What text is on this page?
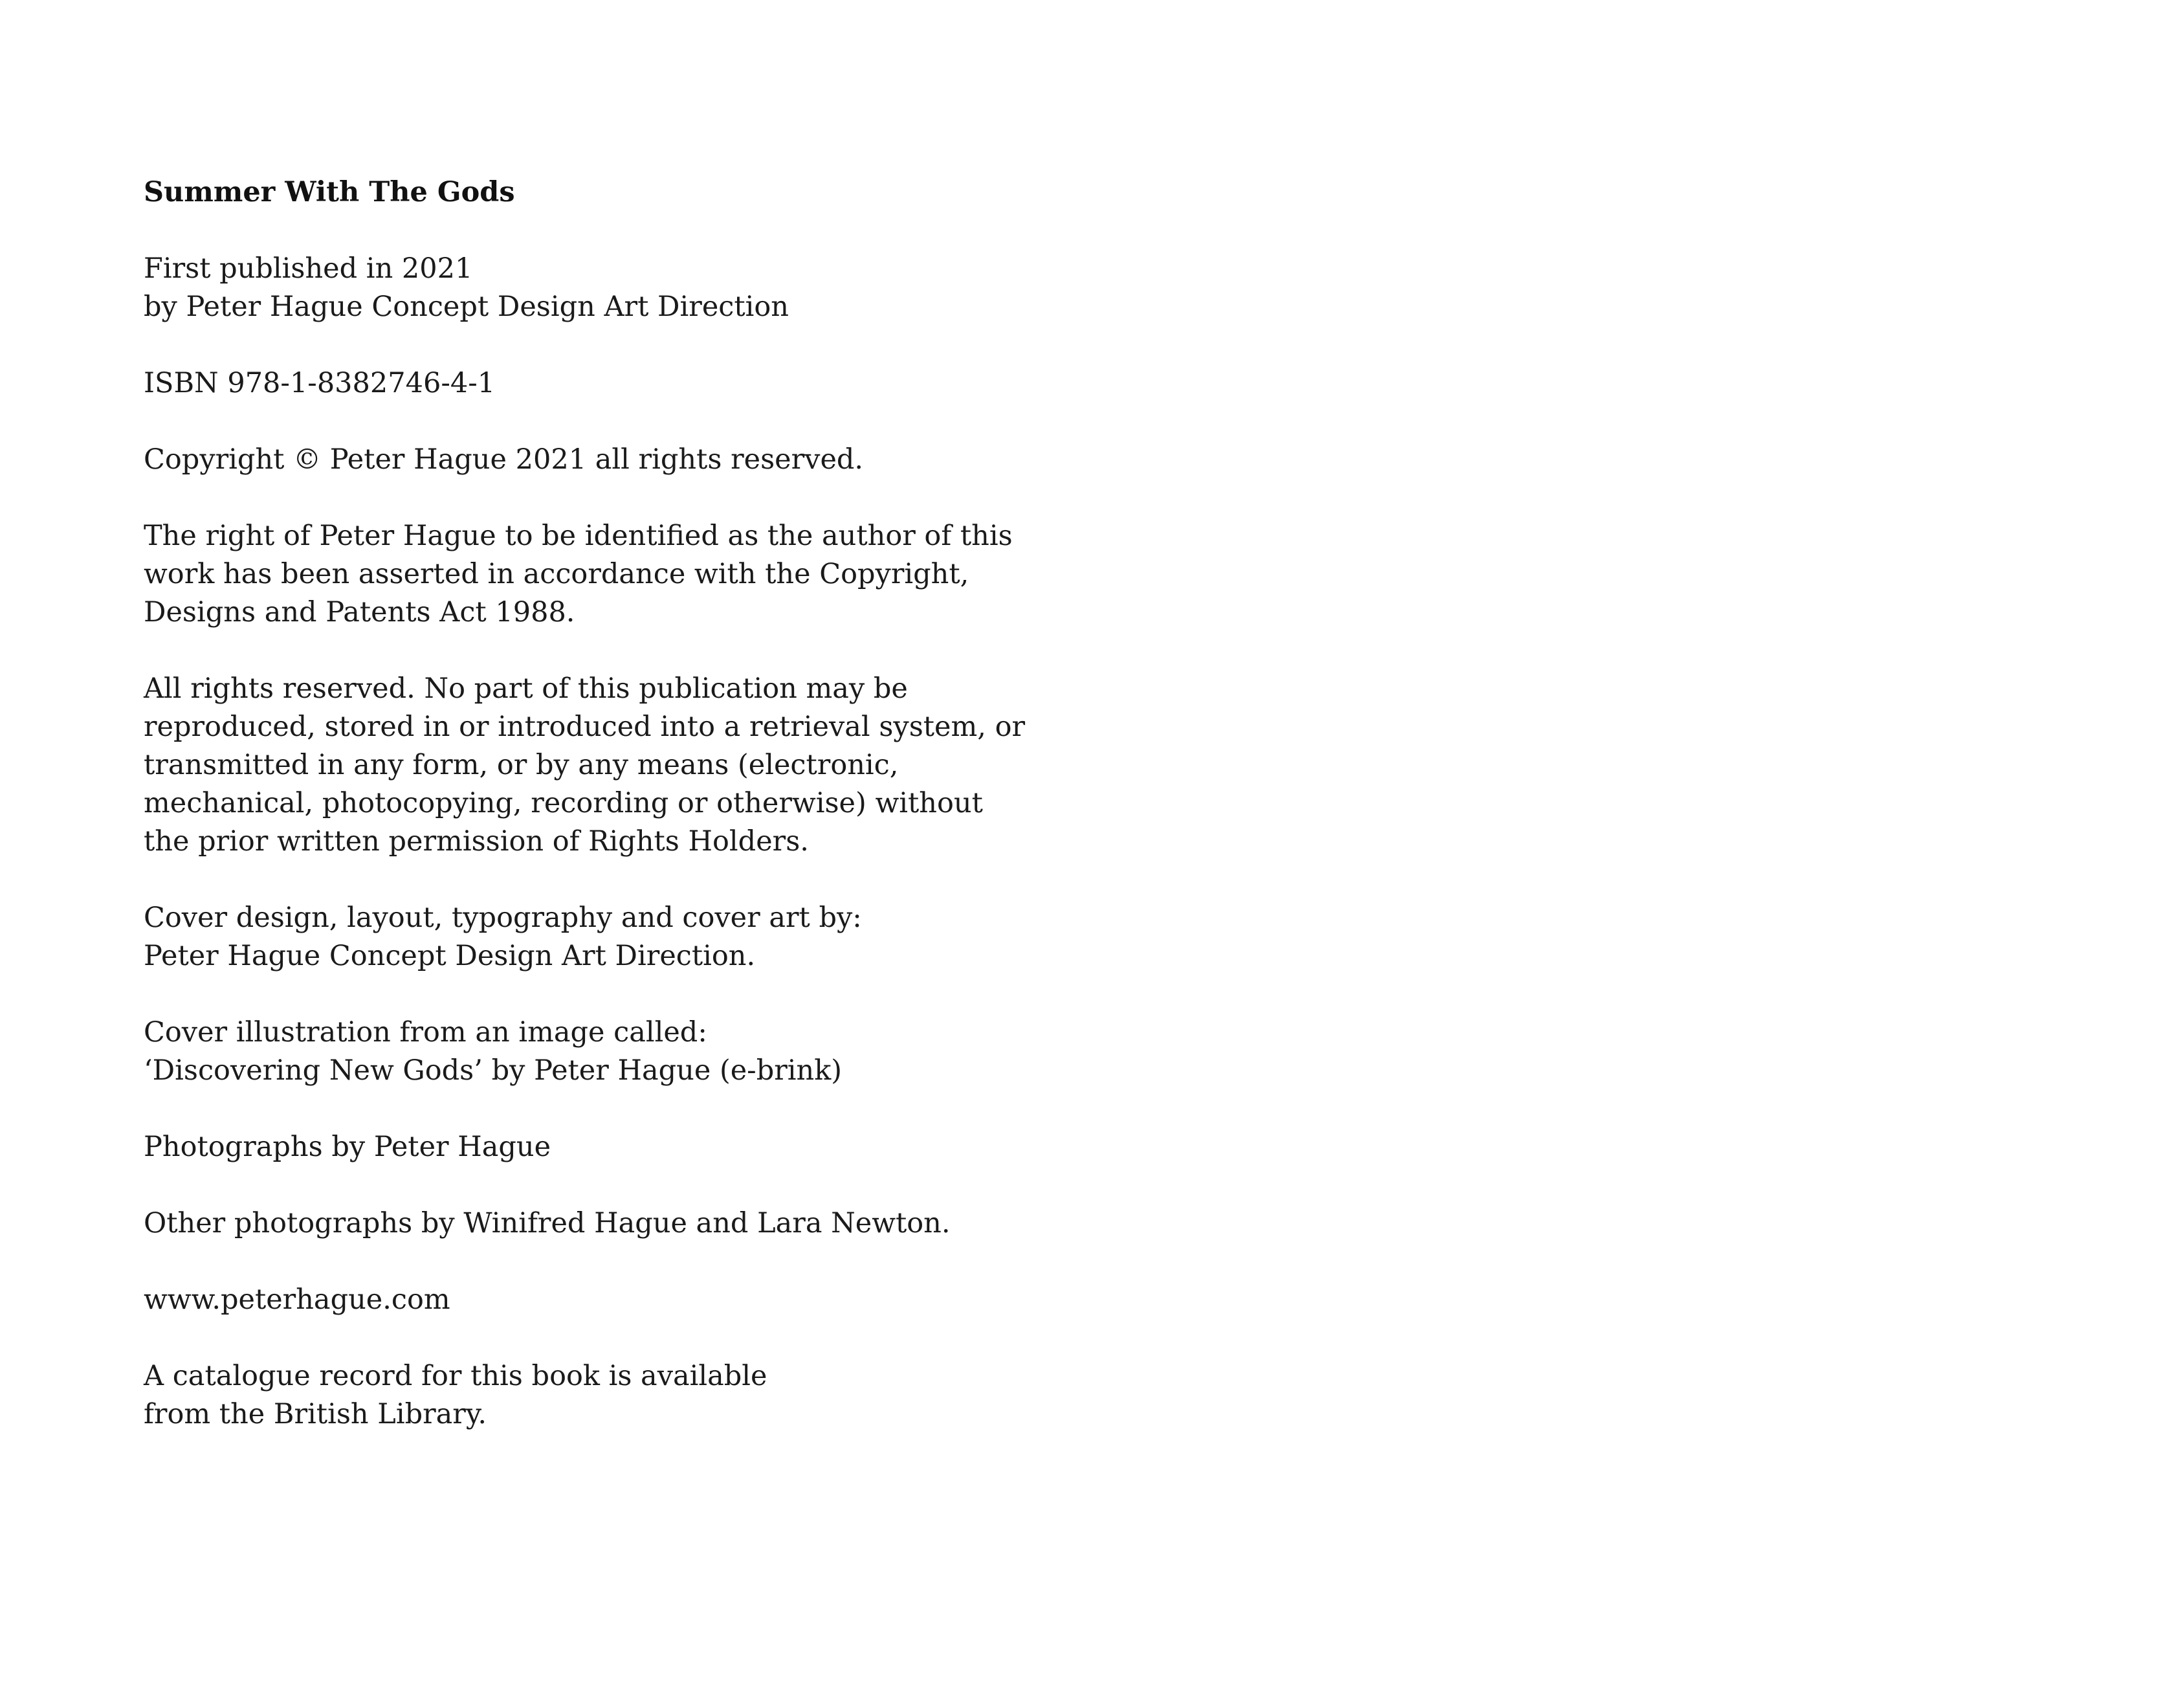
Summer With The Gods
First published in 2021
by Peter Hague Concept Design Art Direction
ISBN 978-1-8382746-4-1
Copyright © Peter Hague 2021 all rights reserved.
The right of Peter Hague to be identified as the author of this
work has been asserted in accordance with the Copyright,
Designs and Patents Act 1988.
All rights reserved. No part of this publication may be
reproduced, stored in or introduced into a retrieval system, or
transmitted in any form, or by any means (electronic,
mechanical, photocopying, recording or otherwise) without
the prior written permission of Rights Holders.
Cover design, layout, typography and cover art by:
Peter Hague Concept Design Art Direction.
Cover illustration from an image called:
‘Discovering New Gods’ by Peter Hague (e-brink)
Photographs by Peter Hague
Other photographs by Winifred Hague and Lara Newton.
www.peterhague.com
A catalogue record for this book is available
from the British Library.
